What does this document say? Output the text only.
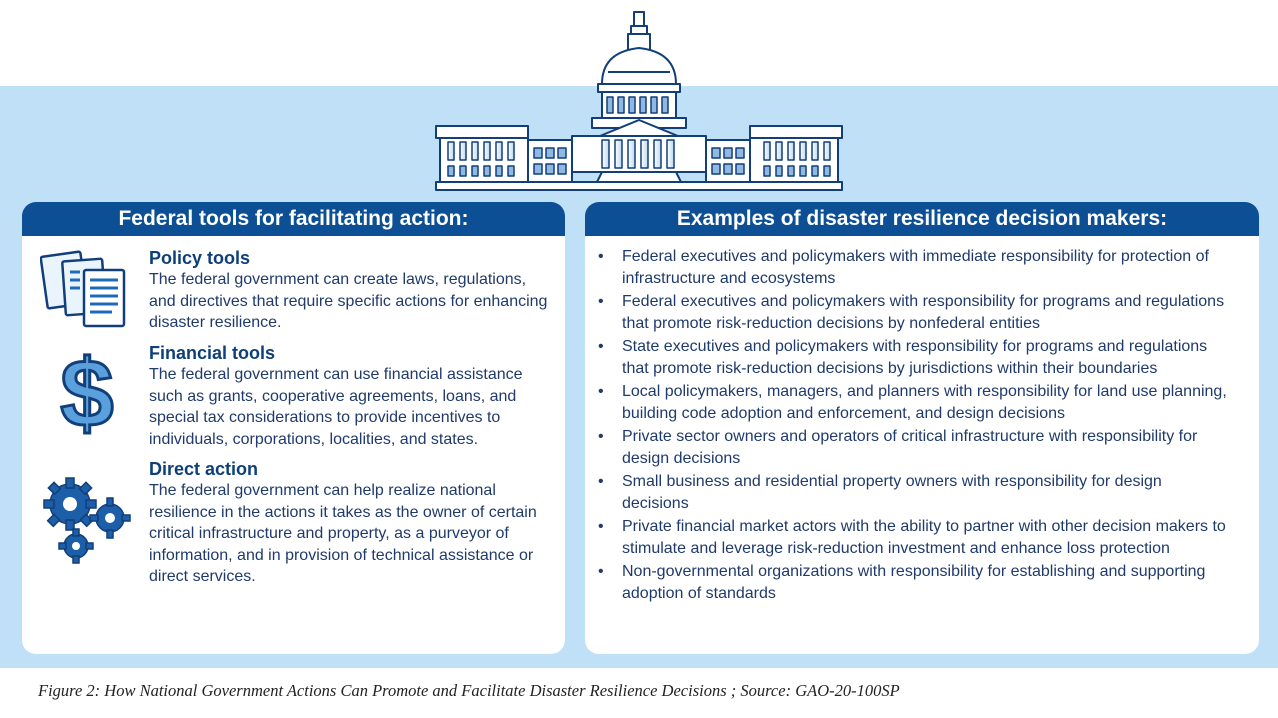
Federal tools for facilitating action:
Policy tools

The federal government can create laws, regulations, and directives that require specific actions for enhancing disaster resilience.

$ Financial tools

The federal government can use financial assistance such as grants, cooperative agreements, loans, and special tax considerations to provide incentives to individuals, corporations, localities, and states.

Direct action

The federal government can help realize national resilience in the actions it takes as the owner of certain critical infrastructure and property, as a purveyor of information, and in provision of technical assistance or direct services.

Examples of disaster resilience decision makers:
• Federal executives and policymakers with immediate responsibility for protection of infrastructure and ecosystems
• Federal executives and policymakers with responsibility for programs and regulations that promote risk-reduction decisions by nonfederal entities
• State executives and policymakers with responsibility for programs and regulations that promote risk-reduction decisions by jurisdictions within their boundaries
• Local policymakers, managers, and planners with responsibility for land use planning, building code adoption and enforcement, and design decisions
• Private sector owners and operators of critical infrastructure with responsibility for design decisions
• Small business and residential property owners with responsibility for design decisions
• Private financial market actors with the ability to partner with other decision makers to stimulate and leverage risk-reduction investment and enhance loss protection
• Non-governmental organizations with responsibility for establishing and supporting adoption of standards
Figure 2: How National Government Actions Can Promote and Facilitate Disaster Resilience Decisions ; Source: GAO-20-100SP
